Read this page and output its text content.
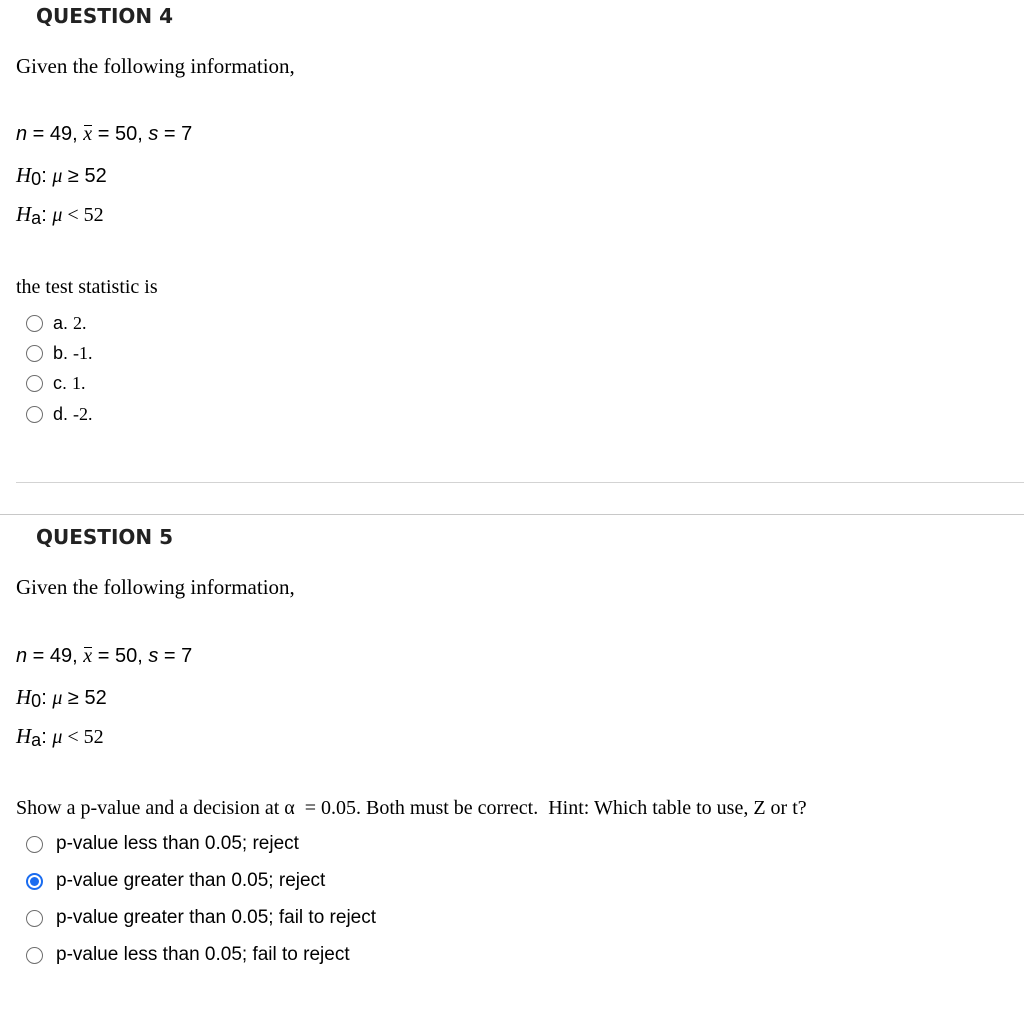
QUESTION 4
Given the following information,
n = 49, x = 50, s = 7
H0: μ ≥ 52
Ha: μ < 52
the test statistic is
a. 2.
b. -1.
c. 1.
d. -2.
QUESTION 5
Given the following information,
n = 49, x = 50, s = 7
H0: μ ≥ 52
Ha: μ < 52
Show a p-value and a decision at α  = 0.05. Both must be correct.  Hint: Which table to use, Z or t?
p-value less than 0.05; reject
p-value greater than 0.05; reject
p-value greater than 0.05; fail to reject
p-value less than 0.05; fail to reject
